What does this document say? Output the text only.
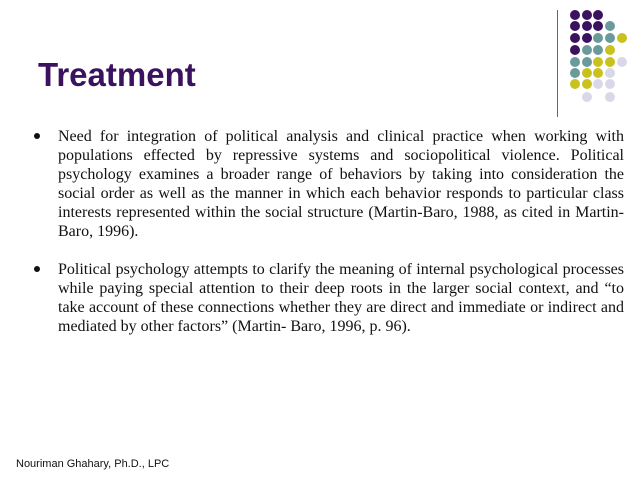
Treatment
Need for integration of political analysis and clinical practice when working with populations effected by repressive systems and sociopolitical violence. Political psychology examines a broader range of behaviors by taking into consideration the social order as well as the manner in which each behavior responds to particular class interests represented within the social structure (Martin-Baro, 1988, as cited in Martin- Baro, 1996).
Political psychology attempts to clarify the meaning of internal psychological processes while paying special attention to their deep roots in the larger social context, and “to take account of these connections whether they are direct and immediate or indirect and mediated by other factors” (Martin- Baro, 1996, p. 96).
Nouriman Ghahary, Ph.D., LPC
